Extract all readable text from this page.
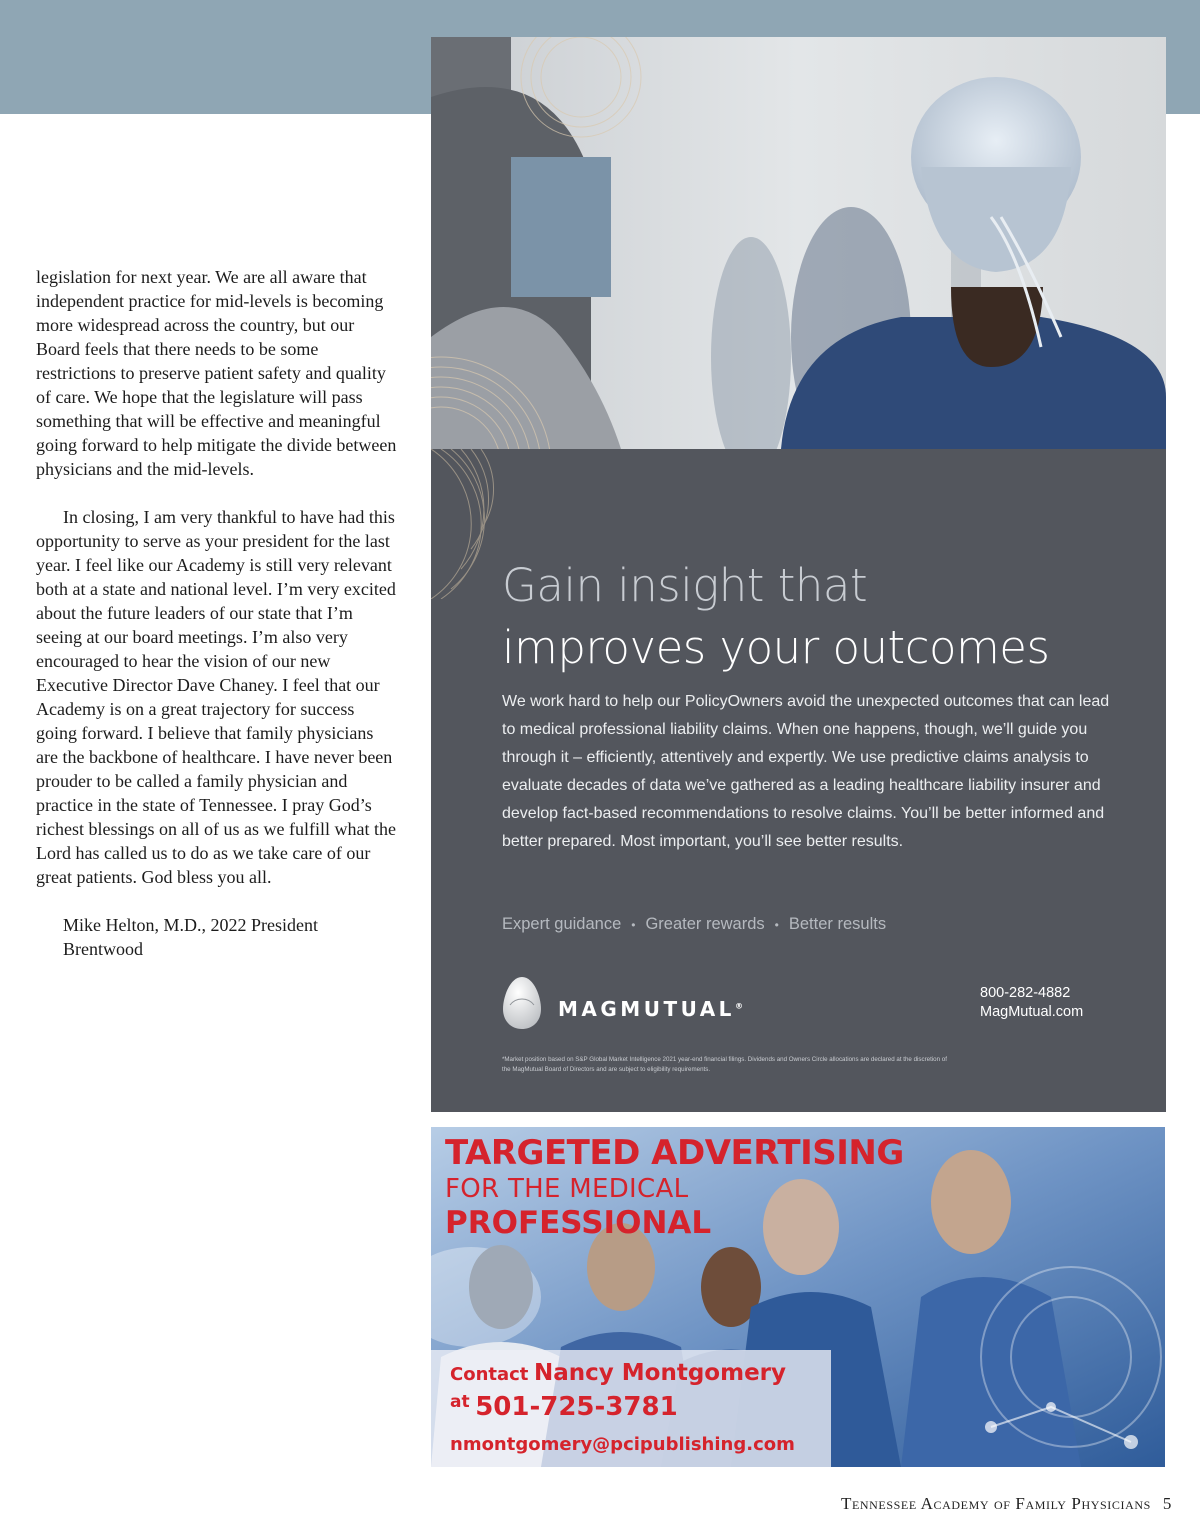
legislation for next year. We are all aware that independent practice for mid-levels is becoming more widespread across the country, but our Board feels that there needs to be some restrictions to preserve patient safety and quality of care. We hope that the legislature will pass something that will be effective and meaningful going forward to help mitigate the divide between physicians and the mid-levels.

In closing, I am very thankful to have had this opportunity to serve as your president for the last year. I feel like our Academy is still very relevant both at a state and national level. I’m very excited about the future leaders of our state that I’m seeing at our board meetings. I’m also very encouraged to hear the vision of our new Executive Director Dave Chaney. I feel that our Academy is on a great trajectory for success going forward. I believe that family physicians are the backbone of healthcare. I have never been prouder to be called a family physician and practice in the state of Tennessee. I pray God’s richest blessings on all of us as we fulfill what the Lord has called us to do as we take care of our great patients. God bless you all.

Mike Helton, M.D., 2022 President
Brentwood

Gain insight that
improves your outcomes

We work hard to help our PolicyOwners avoid the unexpected outcomes that can lead to medical professional liability claims. When one happens, though, we’ll guide you through it – efficiently, attentively and expertly. We use predictive claims analysis to evaluate decades of data we’ve gathered as a leading healthcare liability insurer and develop fact-based recommendations to resolve claims. You’ll be better informed and better prepared. Most important, you’ll see better results.

Expert guidance • Greater rewards • Better results
MAGMUTUAL®
800-282-4882
MagMutual.com

*Market position based on S&P Global Market Intelligence 2021 year-end financial filings. Dividends and Owners Circle allocations are declared at the discretion of the MagMutual Board of Directors and are subject to eligibility requirements.

TARGETED ADVERTISING
FOR THE MEDICAL
PROFESSIONAL
Contact Nancy Montgomery
at 501-725-3781
nmontgomery@pcipublishing.com
Tennessee Academy of Family Physicians 5
